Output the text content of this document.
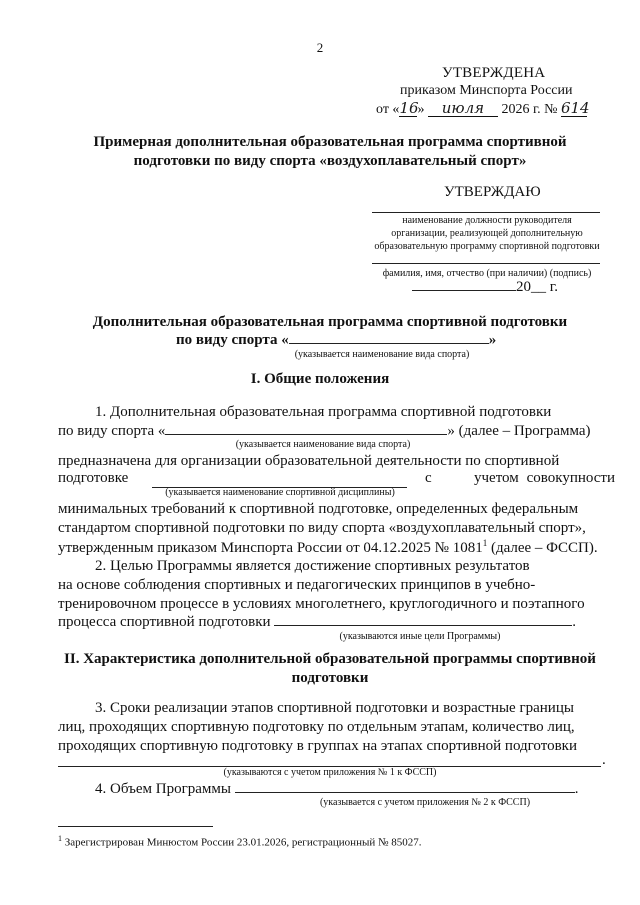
2
УТВЕРЖДЕНА
приказом Минспорта России
от «16» июля 2026 г. № 614
Примерная дополнительная образовательная программа спортивной
подготовки по виду спорта «воздухоплавательный спорт»
УТВЕРЖДАЮ
наименование должности руководителя
организации, реализующей дополнительную
образовательную программу спортивной подготовки
фамилия, имя, отчество (при наличии) (подпись)
20__ г.
Дополнительная образовательная программа спортивной подготовки
по виду спорта «	»
(указывается наименование вида спорта)
I. Общие положения
1. Дополнительная образовательная программа спортивной подготовки
по виду спорта «	» (далее – Программа)
(указывается наименование вида спорта)
предназначена для организации образовательной деятельности по спортивной
подготовке	с	учетом совокупности
(указывается наименование спортивной дисциплины)
минимальных требований к спортивной подготовке, определенных федеральным
стандартом спортивной подготовки по виду спорта «воздухоплавательный спорт»,
утвержденным приказом Минспорта России от 04.12.2025 № 1081$^1$ (далее – ФССП).
2. Целью Программы является достижение спортивных результатов
на основе соблюдения спортивных и педагогических принципов в учебно-
тренировочном процессе в условиях многолетнего, круглогодичного и поэтапного
процесса спортивной подготовки	.
(указываются иные цели Программы)
II. Характеристика дополнительной образовательной программы спортивной
подготовки
3. Сроки реализации этапов спортивной подготовки и возрастные границы
лиц, проходящих спортивную подготовку по отдельным этапам, количество лиц,
проходящих спортивную подготовку в группах на этапах спортивной подготовки
.
(указываются с учетом приложения № 1 к ФССП)
4. Объем Программы	.
(указывается с учетом приложения № 2 к ФССП)
$^1$ Зарегистрирован Минюстом России 23.01.2026, регистрационный № 85027.
